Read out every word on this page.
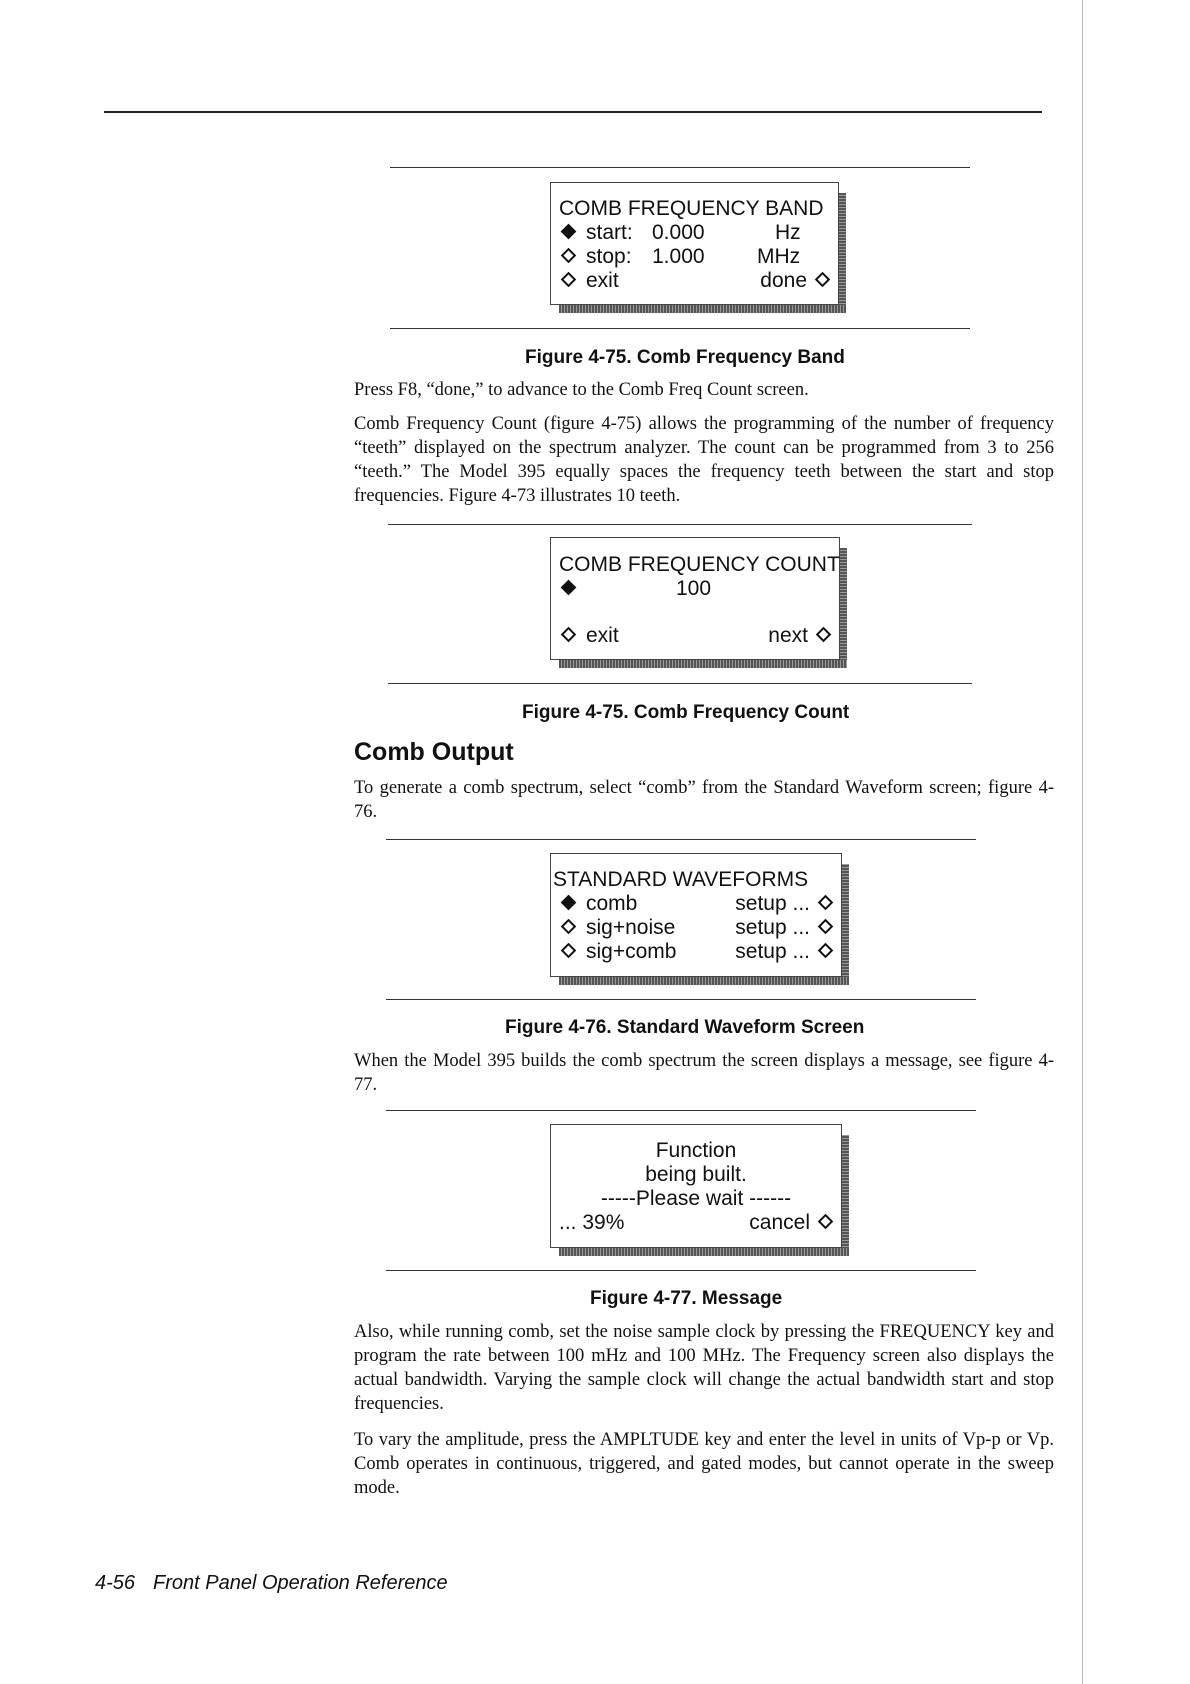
COMB FREQUENCY BAND
start: 0.000	Hz
stop: 1.000 MHz
exit	done
Figure 4-75. Comb Frequency Band
Press F8, “done,” to advance to the Comb Freq Count screen.
Comb Frequency Count (figure 4-75) allows the programming of the number of frequency “teeth” displayed on the spectrum analyzer. The count can be programmed from 3 to 256 “teeth.” The Model 395 equally spaces the frequency teeth between the start and stop frequencies. Figure 4-73 illustrates 10 teeth.
COMB FREQUENCY COUNT
100
exit	next
Figure 4-75. Comb Frequency Count
Comb Output
To generate a comb spectrum, select “comb” from the Standard Waveform screen; figure 4-76.
STANDARD WAVEFORMS
comb	setup ...
sig+noise	setup ...
sig+comb	setup ...
Figure 4-76. Standard Waveform Screen
When the Model 395 builds the comb spectrum the screen displays a message, see figure 4-77.
Function
being built.
-----Please wait ------
... 39%	cancel
Figure 4-77. Message
Also, while running comb, set the noise sample clock by pressing the FREQUENCY key and program the rate between 100 mHz and 100 MHz. The Frequency screen also displays the actual bandwidth. Varying the sample clock will change the actual bandwidth start and stop frequencies.
To vary the amplitude, press the AMPLTUDE key and enter the level in units of Vp-p or Vp. Comb operates in continuous, triggered, and gated modes, but cannot operate in the sweep mode.
4-56 Front Panel Operation Reference
